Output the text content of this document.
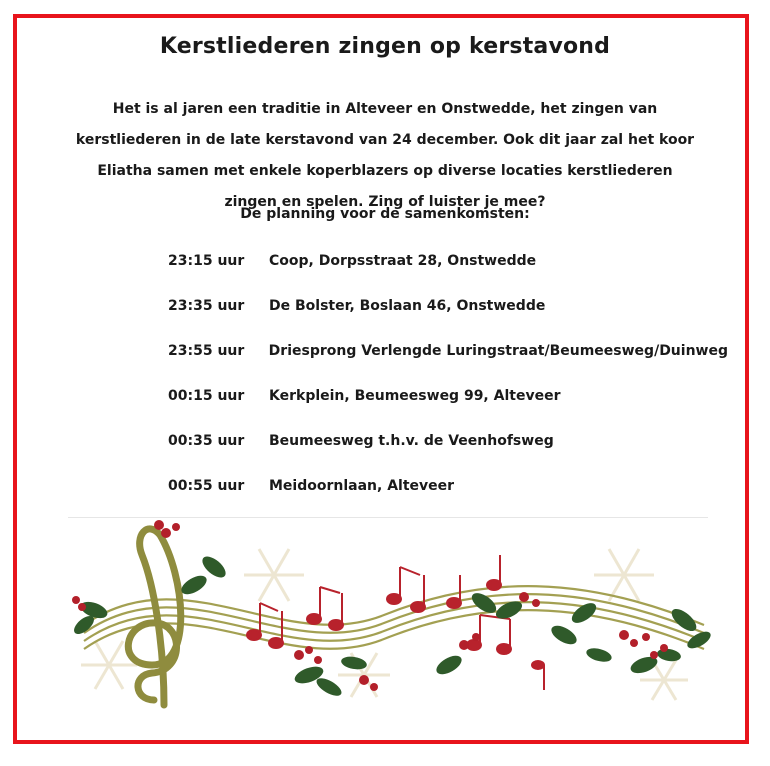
Kerstliederen zingen op kerstavond
Het is al jaren een traditie in Alteveer en Onstwedde, het zingen van kerstliederen in de late kerstavond van 24 december. Ook dit jaar zal het koor Eliatha samen met enkele koperblazers op diverse locaties kerstliederen zingen en spelen. Zing of luister je mee?
De planning voor de samenkomsten:
23:15 uur	Coop, Dorpsstraat 28, Onstwedde
23:35 uur	De Bolster, Boslaan 46, Onstwedde
23:55 uur	Driesprong Verlengde Luringstraat/Beumeesweg/Duinweg
00:15 uur	Kerkplein, Beumeesweg 99, Alteveer
00:35 uur	Beumeesweg t.h.v. de Veenhofsweg
00:55 uur	Meidoornlaan, Alteveer
